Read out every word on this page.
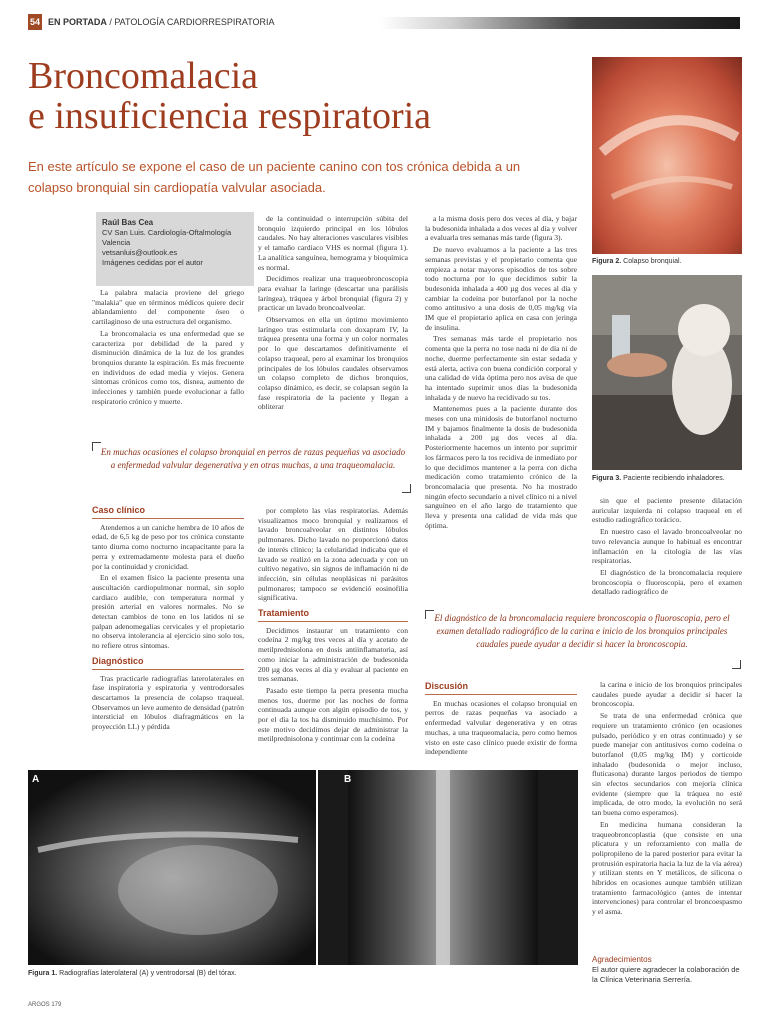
54 EN PORTADA / PATOLOGÍA CARDIORRESPIRATORIA
Broncomalacia
e insuficiencia respiratoria
En este artículo se expone el caso de un paciente canino con tos crónica debida a un colapso bronquial sin cardiopatía valvular asociada.
Figura 2. Colapso bronquial.
Figura 3. Paciente recibiendo inhaladores.
Raúl Bas Cea
CV San Luis. Cardiología-Oftalmología
Valencia
vetsanluis@outlook.es
Imágenes cedidas por el autor

La palabra malacia proviene del griego "malakia" que en términos médicos quiere decir ablandamiento del componente óseo o cartilaginoso de una estructura del organismo.

La broncomalacia es una enfermedad que se caracteriza por debilidad de la pared y disminución dinámica de la luz de los grandes bronquios durante la espiración. Es más frecuente en individuos de edad media y viejos. Genera síntomas crónicos como tos, disnea, aumento de infecciones y también puede evolucionar a fallo respiratorio crónico y muerte.

de la continuidad o interrupción súbita del bronquio izquierdo principal en los lóbulos caudales. No hay alteraciones vasculares visibles y el tamaño cardiaco VHS es normal (figura 1). La analítica sanguínea, hemograma y bioquímica es normal.

Decidimos realizar una traqueobroncoscopia para evaluar la laringe (descartar una parálisis laríngea), tráquea y árbol bronquial (figura 2) y practicar un lavado broncoalveolar.

Observamos en ella un óptimo movimiento laríngeo tras estimularla con doxapram IV, la tráquea presenta una forma y un color normales por lo que descartamos definitivamente el colapso traqueal, pero al examinar los bronquios principales de los lóbulos caudales observamos un colapso completo de dichos bronquios, colapso dinámico, es decir, se colapsan según la fase respiratoria de la paciente y llegan a obliterar

a la misma dosis pero dos veces al día, y bajar la budesonida inhalada a dos veces al día y volver a evaluarla tres semanas más tarde (figura 3).

De nuevo evaluamos a la paciente a las tres semanas previstas y el propietario comenta que empieza a notar mayores episodios de tos sobre todo nocturna por lo que decidimos subir la budesonida inhalada a 400 µg dos veces al día y cambiar la codeína por butorfanol por la noche como antitusivo a una dosis de 0,05 mg/kg vía IM que el propietario aplica en casa con jeringa de insulina.

Tres semanas más tarde el propietario nos comenta que la perra no tose nada ni de día ni de noche, duerme perfectamente sin estar sedada y está alerta, activa con buena condición corporal y una calidad de vida óptima pero nos avisa de que ha intentado suprimir unos días la budesonida inhalada y de nuevo ha recidivado su tos.

Mantenemos pues a la paciente durante dos meses con una minidosis de butorfanol nocturno IM y bajamos finalmente la dosis de budesonida inhalada a 200 µg dos veces al día. Posteriormente hacemos un intento por suprimir los fármacos pero la tos recidiva de inmediato por lo que decidimos mantener a la perra con dicha medicación como tratamiento crónico de la broncomalacia que presenta. No ha mostrado ningún efecto secundario a nivel clínico ni a nivel sanguíneo en el año largo de tratamiento que lleva y presenta una calidad de vida más que óptima.

En muchas ocasiones el colapso bronquial en perros de razas pequeñas va asociado a enfermedad valvular degenerativa y en otras muchas, a una traqueomalacia.
Caso clínico

Atendemos a un caniche hembra de 10 años de edad, de 6,5 kg de peso por tos crónica constante tanto diurna como nocturno incapacitante para la perra y extremadamente molesta para el dueño por la continuidad y cronicidad.

En el examen físico la paciente presenta una auscultación cardiopulmonar normal, sin soplo cardiaco audible, con temperatura normal y presión arterial en valores normales. No se detectan cambios de tono en los latidos ni se palpan adenomegalias cervicales y el propietario no observa intolerancia al ejercicio sino solo tos, no refiere otros síntomas.

Diagnóstico

Tras practicarle radiografías laterolaterales en fase inspiratoria y espiratoria y ventrodorsales descartamos la presencia de colapso traqueal. Observamos un leve aumento de densidad (patrón intersticial en lóbulos diafragmáticos en la proyección LL) y pérdida

por completo las vías respiratorias. Además visualizamos moco bronquial y realizamos el lavado broncoalveolar en distintos lóbulos pulmonares. Dicho lavado no proporcionó datos de interés clínico; la celularidad indicaba que el lavado se realizó en la zona adecuada y con un cultivo negativo, sin signos de inflamación ni de infección, sin células neoplásicas ni parásitos pulmonares; tampoco se evidenció eosinofilia significativa.

Tratamiento

Decidimos instaurar un tratamiento con codeína 2 mg/kg tres veces al día y acetato de metilprednisolona en dosis antiinflamatoria, así como iniciar la administración de budesonida 200 µg dos veces al día y evaluar al paciente en tres semanas.

Pasado este tiempo la perra presenta mucha menos tos, duerme por las noches de forma continuada aunque con algún episodio de tos, y por el día la tos ha disminuido muchísimo. Por este motivo decidimos dejar de administrar la metilprednisolona y continuar con la codeína

sin que el paciente presente dilatación auricular izquierda ni colapso traqueal en el estudio radiográfico torácico.

En nuestro caso el lavado broncoalveolar no tuvo relevancia aunque lo habitual es encontrar inflamación en la citología de las vías respiratorias.

El diagnóstico de la broncomalacia requiere broncoscopia o fluoroscopia, pero el examen detallado radiográfico de

El diagnóstico de la broncomalacia requiere broncoscopia o fluoroscopia, pero el examen detallado radiográfico de la carina e inicio de los bronquios principales caudales puede ayudar a decidir si hacer la broncoscopia.
Discusión

En muchas ocasiones el colapso bronquial en perros de razas pequeñas va asociado a enfermedad valvular degenerativa y en otras muchas, a una traqueomalacia, pero como hemos visto en este caso clínico puede existir de forma independiente

la carina e inicio de los bronquios principales caudales puede ayudar a decidir si hacer la broncoscopia.

Se trata de una enfermedad crónica que requiere un tratamiento crónico (en ocasiones pulsado, periódico y en otras continuado) y se puede manejar con antitusivos como codeína o butorfanol (0,05 mg/kg IM) y corticoide inhalado (budesonida o mejor incluso, fluticasona) durante largos periodos de tiempo sin efectos secundarios con mejoría clínica evidente (siempre que la tráquea no esté implicada, de otro modo, la evolución no será tan buena como esperamos).

En medicina humana consideran la traqueobroncoplastia (que consiste en una plicatura y un reforzamiento con malla de polipropileno de la pared posterior para evitar la protrusión espiratoria hacia la luz de la vía aérea) y utilizan stents en Y metálicos, de silicona o híbridos en ocasiones aunque también utilizan tratamiento farmacológico (antes de intentar intervenciones) para controlar el broncoespasmo y el asma.

Agradecimientos
El autor quiere agradecer la colaboración de la Clínica Veterinaria Serrería.
A	B
Figura 1. Radiografías laterolateral (A) y ventrodorsal (B) del tórax.
ARGOS 179
